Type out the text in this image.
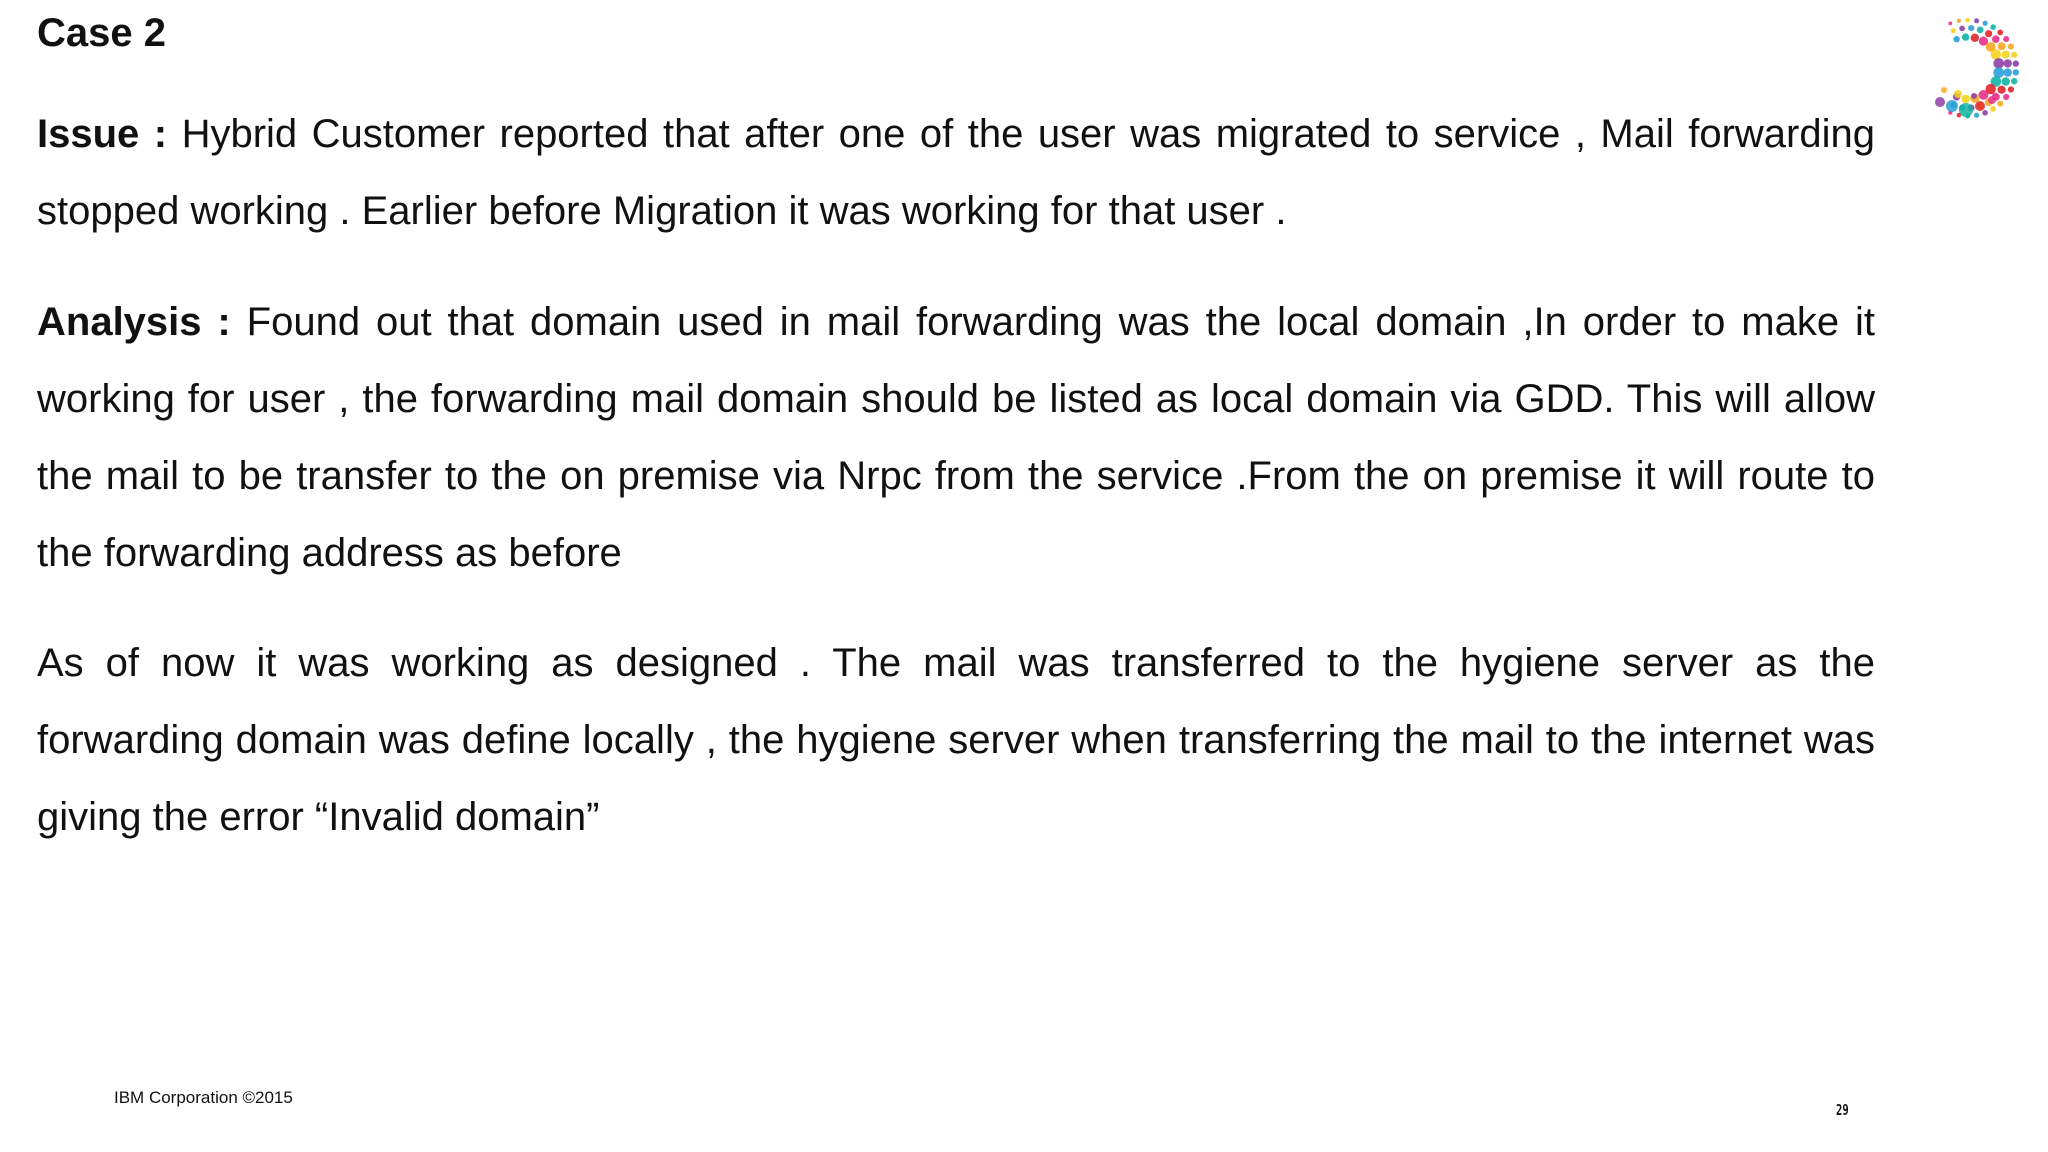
Case 2
Issue : Hybrid Customer reported that after one of the user was migrated to service , Mail forwarding stopped working . Earlier before Migration it was working for that user .
Analysis : Found out that domain used in mail forwarding was the local domain ,In order to make it working for user , the forwarding mail domain should be listed as local domain via GDD. This will allow the mail to be transfer to the on premise via Nrpc from the service .From the on premise it will route to the forwarding address as before
As of now it was working as designed . The mail was transferred to the hygiene server as the forwarding domain was define locally , the hygiene server when transferring the mail to the internet was giving the error “Invalid domain”
IBM Corporation ©2015
29
